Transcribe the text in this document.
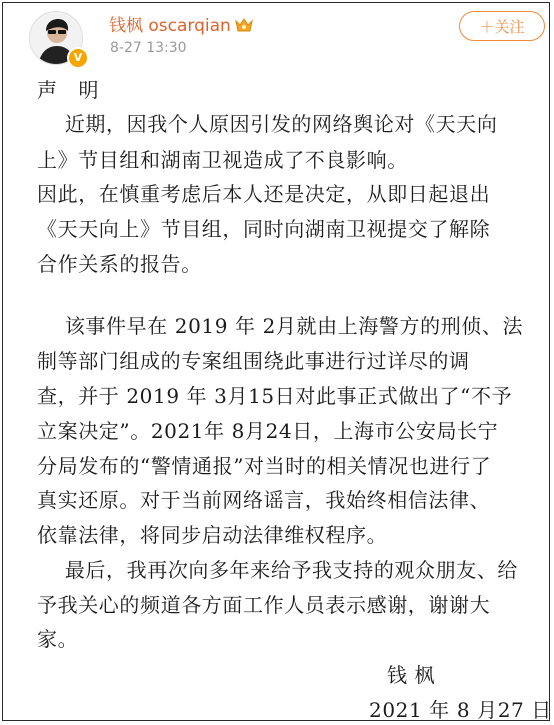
V
钱枫 oscarqian
8-27 13:30
＋关注
声   明
近期，因我个人原因引发的网络舆论对《天天向
上》节目组和湖南卫视造成了不良影响。
因此，在慎重考虑后本人还是决定，从即日起退出
《天天向上》节目组，同时向湖南卫视提交了解除
合作关系的报告。
该事件早在 2019 年 2月就由上海警方的刑侦、法
制等部门组成的专案组围绕此事进行过详尽的调
查，并于 2019 年 3月15日对此事正式做出了“不予
立案决定”。2021年 8月24日，上海市公安局长宁
分局发布的“警情通报”对当时的相关情况也进行了
真实还原。对于当前网络谣言，我始终相信法律、
依靠法律，将同步启动法律维权程序。
最后，我再次向多年来给予我支持的观众朋友、给
予我关心的频道各方面工作人员表示感谢，谢谢大
家。
钱 枫
2021 年 8 月27 日
